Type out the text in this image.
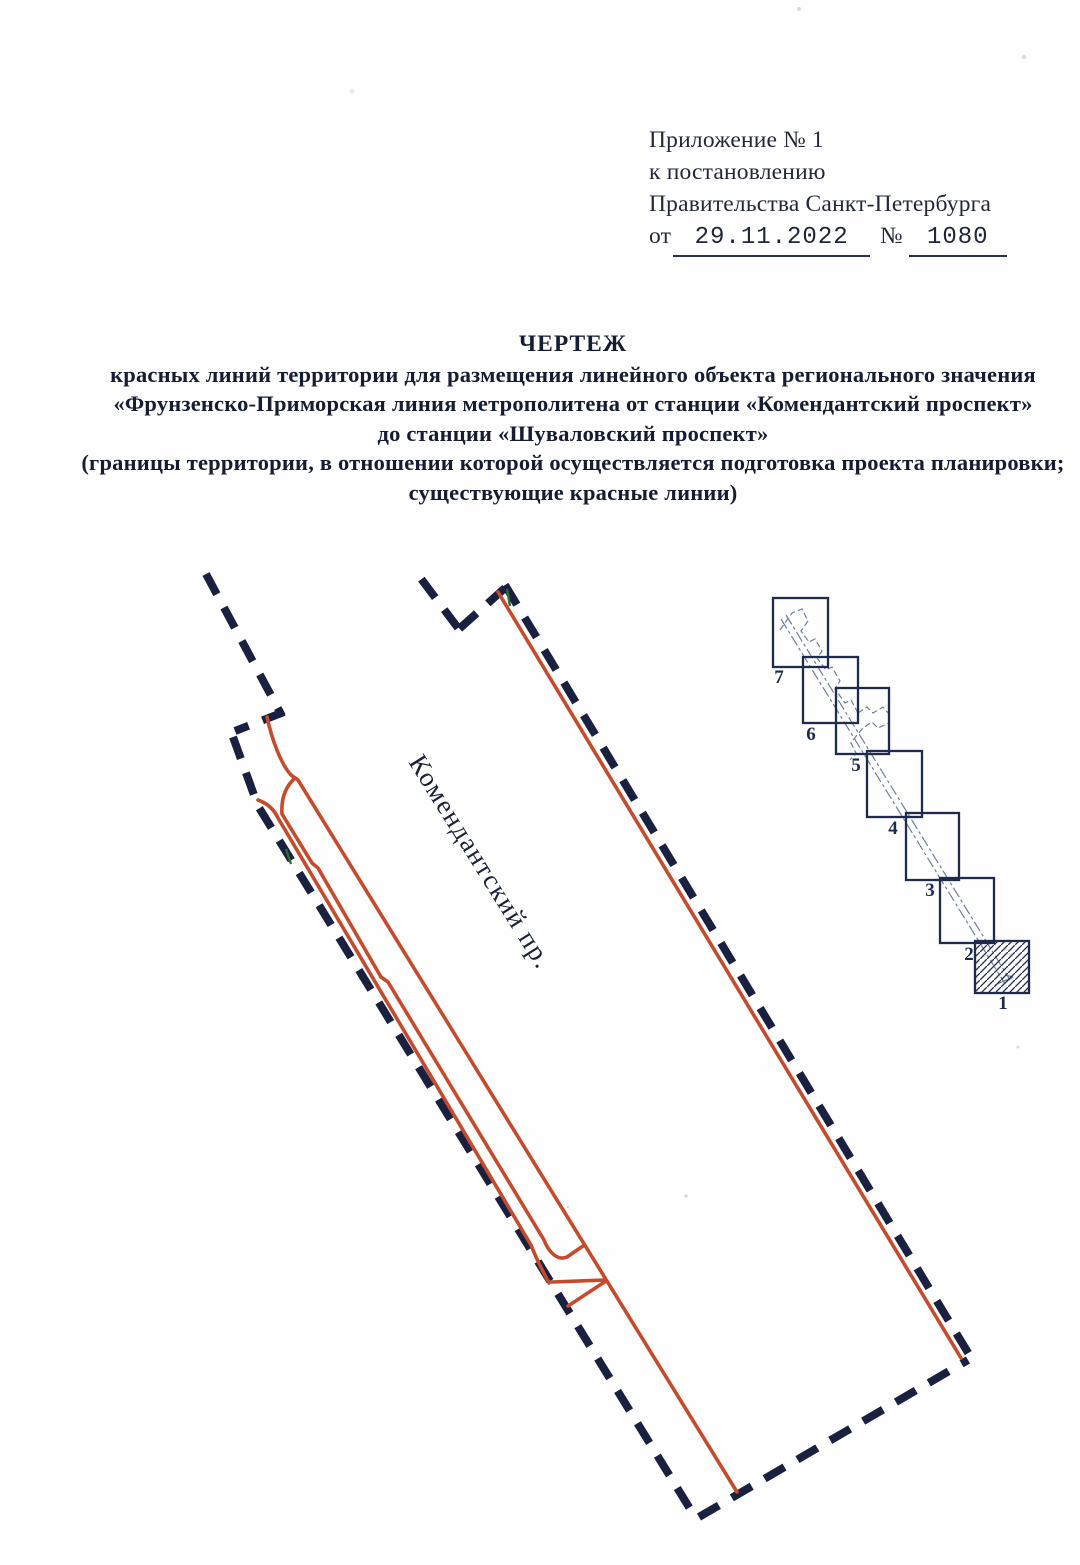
Приложение № 1
к постановлению
Правительства Санкт-Петербурга
от 29.11.2022	№	1080
ЧЕРТЕЖ
красных линий территории для размещения линейного объекта регионального значения
«Фрунзенско-Приморская линия метрополитена от станции «Комендантский проспект»
до станции «Шуваловский проспект»
(границы территории, в отношении которой осуществляется подготовка проекта планировки;
существующие красные линии)
Комендантский пр.
7
6
5
4
3
2
1
